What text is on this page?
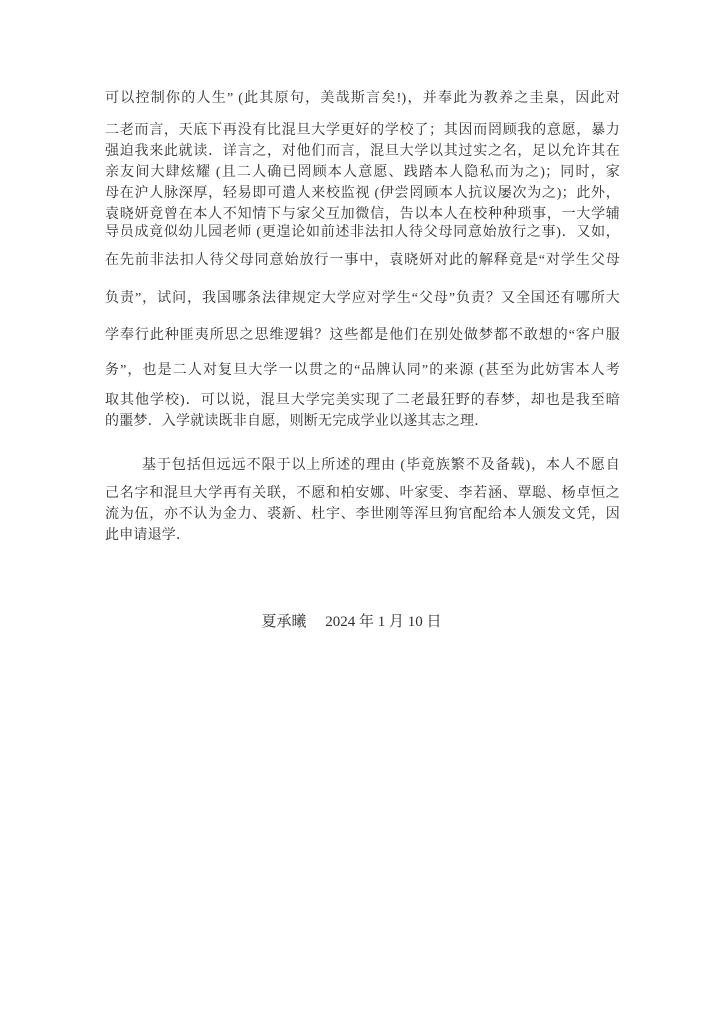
可以控制你的人生” (此其原句，美哉斯言矣!)，并奉此为教养之圭臬，因此对
二老而言，天底下再没有比混旦大学更好的学校了；其因而罔顾我的意愿，暴力
强迫我来此就读．详言之，对他们而言，混旦大学以其过实之名，足以允许其在
亲友间大肆炫耀 (且二人确已罔顾本人意愿、践踏本人隐私而为之)；同时，家
母在沪人脉深厚，轻易即可遣人来校监视 (伊尝罔顾本人抗议屡次为之)；此外，
袁晓妍竟曾在本人不知情下与家父互加微信，告以本人在校种种琐事，一大学辅
导员成竟似幼儿园老师 (更遑论如前述非法扣人待父母同意始放行之事)．又如，
在先前非法扣人待父母同意始放行一事中，袁晓妍对此的解释竟是“对学生父母
负责”，试问，我国哪条法律规定大学应对学生“父母”负责？又全国还有哪所大
学奉行此种匪夷所思之思维逻辑？这些都是他们在别处做梦都不敢想的“客户服
务”，也是二人对复旦大学一以贯之的“品牌认同”的来源 (甚至为此妨害本人考
取其他学校)．可以说，混旦大学完美实现了二老最狂野的春梦，却也是我至暗
的噩梦．入学就读既非自愿，则断无完成学业以遂其志之理．
基于包括但远远不限于以上所述的理由 (毕竟族繁不及备载)，本人不愿自
己名字和混旦大学再有关联，不愿和柏安娜、叶家雯、李若涵、覃聪、杨卓恒之
流为伍，亦不认为金力、裘新、杜宇、李世刚等浑旦狗官配给本人颁发文凭，因
此申请退学．
夏承曦　 2024 年 1 月 10 日
